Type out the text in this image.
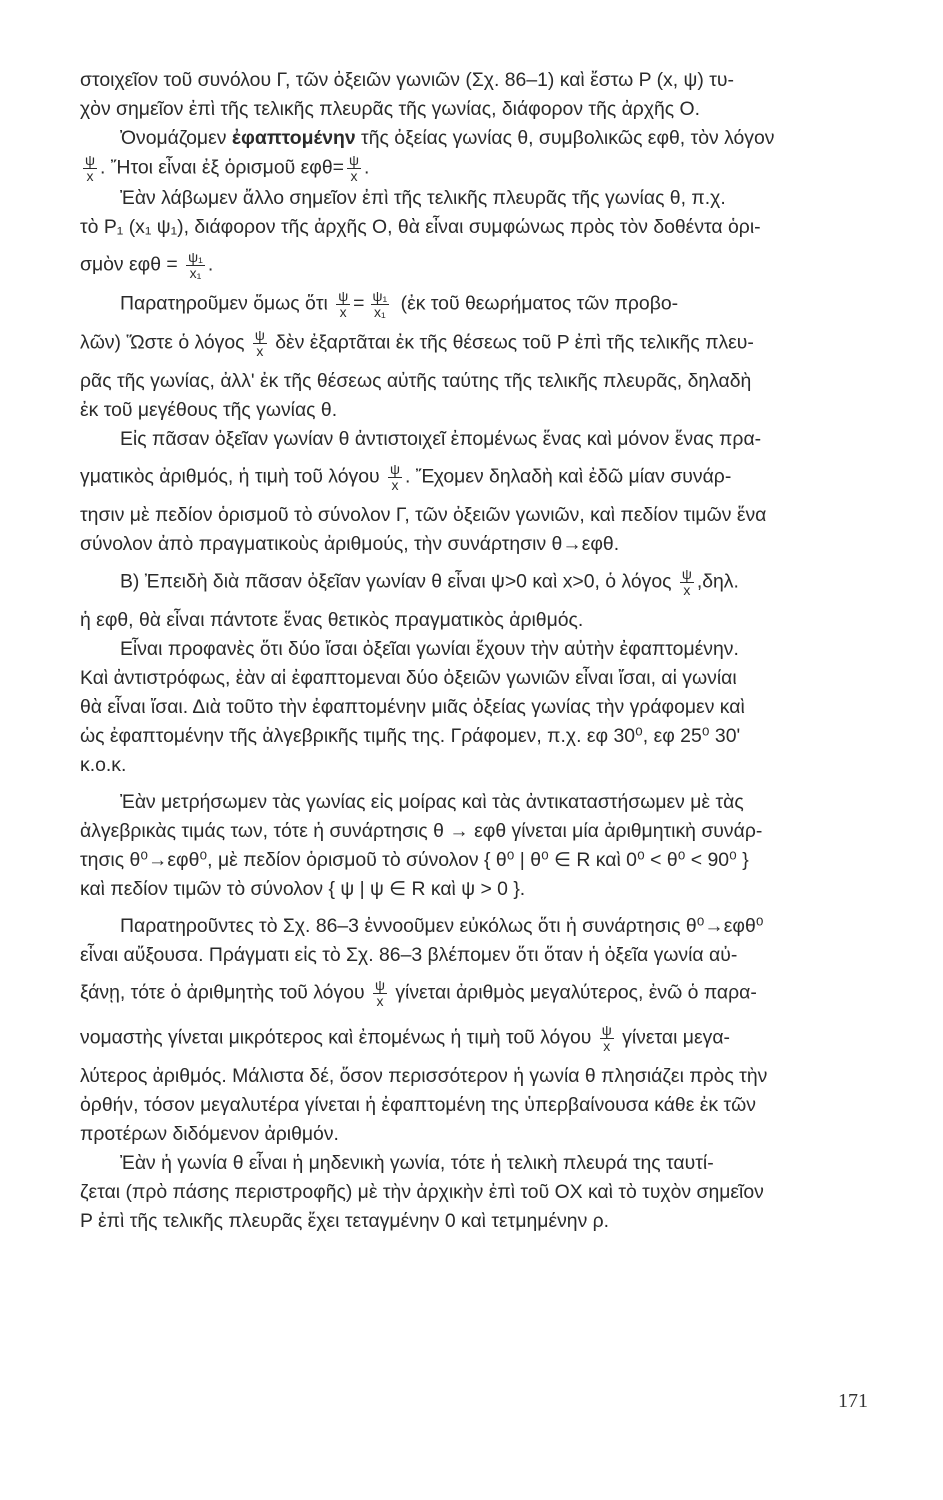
στοιχεῖον τοῦ συνόλου Γ, τῶν ὀξειῶν γωνιῶν (Σχ. 86–1) καὶ ἔστω Ρ (x, ψ) τυ-
χὸν σημεῖον ἐπὶ τῆς τελικῆς πλευρᾶς τῆς γωνίας, διάφορον τῆς ἀρχῆς Ο.
Ὀνομάζομεν ἐφαπτομένην τῆς ὀξείας γωνίας θ, συμβολικῶς εφθ, τὸν λόγον
$\frac{\psi}{x}$ . Ἤτοι εἶναι ἐξ ὁρισμοῦ $\varepsilon\varphi\theta= \frac{\psi}{x}$ .
Ἐὰν λάβωμεν ἄλλο σημεῖον ἐπὶ τῆς τελικῆς πλευρᾶς τῆς γωνίας θ, π.χ.
τὸ Ρ₁ (x₁ ψ₁), διάφορον τῆς ἀρχῆς Ο, θὰ εἶναι συμφώνως πρὸς τὸν δοθέντα ὁρι-
σμὸν $\varepsilon\varphi\theta = \frac{\text{ψ₁}}{\text{x₁}}$ .
Παρατηροῦμεν ὅμως ὅτι $\frac{\psi}{x} = \frac{\text{ψ₁}}{\text{x₁}}$ (ἐκ τοῦ θεωρήματος τῶν προβο-
λῶν) Ὥστε ὁ λόγος $\frac{\psi}{x}$ δὲν ἐξαρτᾶται ἐκ τῆς θέσεως τοῦ Ρ ἐπὶ τῆς τελικῆς πλευ-
ρᾶς τῆς γωνίας, ἀλλ' ἐκ τῆς θέσεως αὐτῆς ταύτης τῆς τελικῆς πλευρᾶς, δηλαδὴ
ἐκ τοῦ μεγέθους τῆς γωνίας θ.
Εἰς πᾶσαν ὀξεῖαν γωνίαν θ ἀντιστοιχεῖ ἐπομένως ἕνας καὶ μόνον ἕνας πρα-
γματικὸς ἀριθμός, ἡ τιμὴ τοῦ λόγου $\frac{\psi}{x}$ . Ἔχομεν δηλαδὴ καὶ ἐδῶ μίαν συνάρ-
τησιν μὲ πεδίον ὁρισμοῦ τὸ σύνολον Γ, τῶν ὀξειῶν γωνιῶν, καὶ πεδίον τιμῶν ἕνα
σύνολον ἀπὸ πραγματικοὺς ἀριθμούς, τὴν συνάρτησιν θ→εφθ.
Β) Ἐπειδὴ διὰ πᾶσαν ὀξεῖαν γωνίαν θ εἶναι ψ>0 καὶ x>0, ὁ λόγος $\frac{\psi}{x} ,\delta\eta\lambda$.
ἡ εφθ, θὰ εἶναι πάντοτε ἕνας θετικὸς πραγματικὸς ἀριθμός.
Εἶναι προφανὲς ὅτι δύο ἴσαι ὀξεῖαι γωνίαι ἔχουν τὴν αὐτὴν ἐφαπτομένην.
Καὶ ἀντιστρόφως, ἐὰν αἱ ἐφαπτομεναι δύο ὀξειῶν γωνιῶν εἶναι ἴσαι, αἱ γωνίαι
θὰ εἶναι ἴσαι. Διὰ τοῦτο τὴν ἐφαπτομένην μιᾶς ὀξείας γωνίας τὴν γράφομεν καὶ
ὡς ἐφαπτομένην τῆς ἀλγεβρικῆς τιμῆς της. Γράφομεν, π.χ. εφ 30⁰, εφ 25⁰ 30'
κ.ο.κ.
Ἐὰν μετρήσωμεν τὰς γωνίας εἰς μοίρας καὶ τὰς ἀντικαταστήσωμεν μὲ τὰς
ἀλγεβρικὰς τιμάς των, τότε ἡ συνάρτησις θ → εφθ γίνεται μία ἀριθμητικὴ συνάρ-
τησις θ⁰→εφθ⁰, μὲ πεδίον ὁρισμοῦ τὸ σύνολον { θ⁰ | θ⁰ ∈ R καὶ 0⁰ < θ⁰ < 90⁰ }
καὶ πεδίον τιμῶν τὸ σύνολον { ψ | ψ ∈ R καὶ ψ > 0 }.
Παρατηροῦντες τὸ Σχ. 86–3 ἐννοοῦμεν εὐκόλως ὅτι ἡ συνάρτησις θ⁰→εφθ⁰
εἶναι αὔξουσα. Πράγματι εἰς τὸ Σχ. 86–3 βλέπομεν ὅτι ὅταν ἡ ὀξεῖα γωνία αὐ-
ξάνῃ, τότε ὁ ἀριθμητὴς τοῦ λόγου $\frac{\psi}{x}$ γίνεται ἀριθμὸς μεγαλύτερος, ἐνῶ ὁ παρα-
νομαστὴς γίνεται μικρότερος καὶ ἐπομένως ἡ τιμὴ τοῦ λόγου $\frac{\psi}{x}$ γίνεται μεγα-
λύτερος ἀριθμός. Μάλιστα δέ, ὅσον περισσότερον ἡ γωνία θ πλησιάζει πρὸς τὴν
ὀρθήν, τόσον μεγαλυτέρα γίνεται ἡ ἐφαπτομένη της ὑπερβαίνουσα κάθε ἐκ τῶν
προτέρων διδόμενον ἀριθμόν.
Ἐὰν ἡ γωνία θ εἶναι ἡ μηδενικὴ γωνία, τότε ἡ τελικὴ πλευρά της ταυτί-
ζεται (πρὸ πάσης περιστροφῆς) μὲ τὴν ἀρχικὴν ἐπὶ τοῦ ΟΧ καὶ τὸ τυχὸν σημεῖον
Ρ ἐπὶ τῆς τελικῆς πλευρᾶς ἔχει τεταγμένην 0 καὶ τετμημένην ρ.
171
